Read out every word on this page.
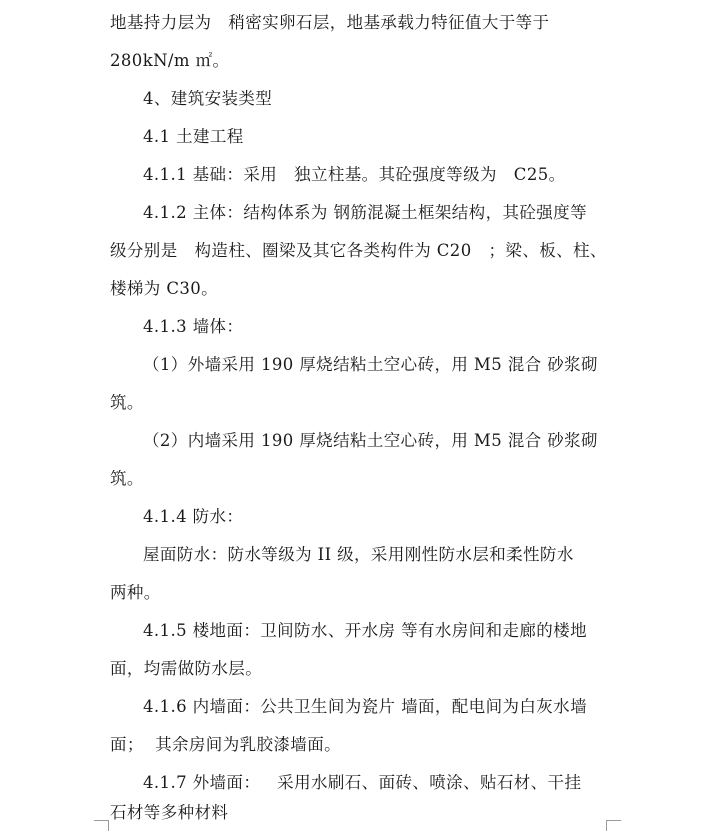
地基持力层为   稍密实卵石层，地基承载力特征值大于等于
280kN/m ㎡。
4、建筑安装类型
4.1 土建工程
4.1.1 基础：采用   独立柱基。其砼强度等级为   C25。
4.1.2 主体：结构体系为 钢筋混凝土框架结构，其砼强度等
级分别是   构造柱、圈梁及其它各类构件为 C20   ；梁、板、柱、
楼梯为 C30。
4.1.3 墙体：
（1）外墙采用 190 厚烧结粘土空心砖，用 M5 混合 砂浆砌
筑。
（2）内墙采用 190 厚烧结粘土空心砖，用 M5 混合 砂浆砌
筑。
4.1.4 防水：
屋面防水：防水等级为 II 级，采用刚性防水层和柔性防水
两种。
4.1.5 楼地面：卫间防水、开水房 等有水房间和走廊的楼地
面，均需做防水层。
4.1.6 内墙面：公共卫生间为瓷片 墙面，配电间为白灰水墙
面；  其余房间为乳胶漆墙面。
4.1.7 外墙面：   采用水刷石、面砖、喷涂、贴石材、干挂
石材等多种材料
